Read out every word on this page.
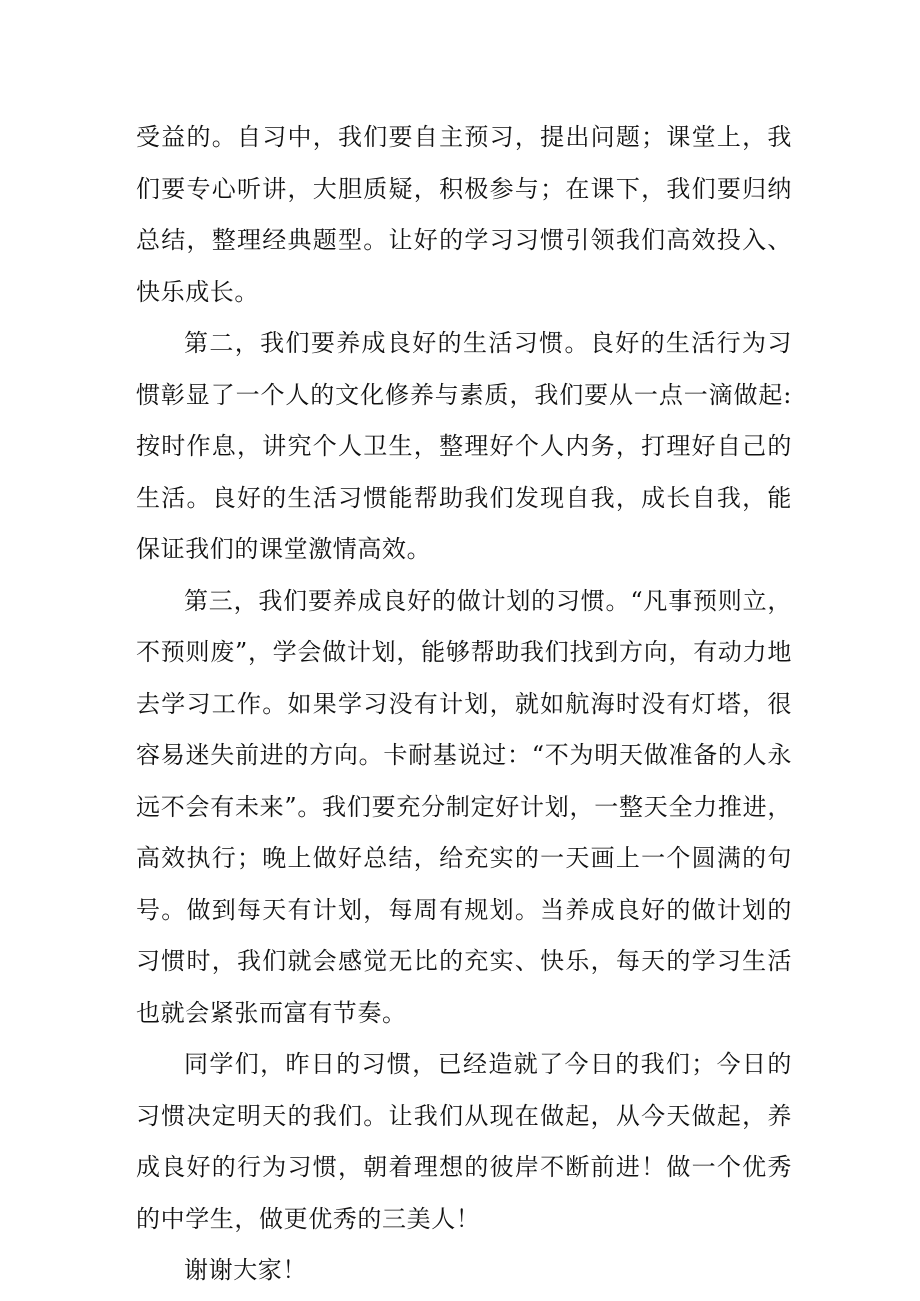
受益的。自习中，我们要自主预习，提出问题；课堂上，我们要专心听讲，大胆质疑，积极参与；在课下，我们要归纳总结，整理经典题型。让好的学习习惯引领我们高效投入、快乐成长。

第二，我们要养成良好的生活习惯。良好的生活行为习惯彰显了一个人的文化修养与素质，我们要从一点一滴做起:按时作息，讲究个人卫生，整理好个人内务，打理好自己的生活。良好的生活习惯能帮助我们发现自我，成长自我，能保证我们的课堂激情高效。

第三，我们要养成良好的做计划的习惯。“凡事预则立，不预则废”，学会做计划，能够帮助我们找到方向，有动力地去学习工作。如果学习没有计划，就如航海时没有灯塔，很容易迷失前进的方向。卡耐基说过：“不为明天做准备的人永远不会有未来”。我们要充分制定好计划，一整天全力推进，高效执行；晚上做好总结，给充实的一天画上一个圆满的句号。做到每天有计划，每周有规划。当养成良好的做计划的习惯时，我们就会感觉无比的充实、快乐，每天的学习生活也就会紧张而富有节奏。

同学们，昨日的习惯，已经造就了今日的我们；今日的习惯决定明天的我们。让我们从现在做起，从今天做起，养成良好的行为习惯，朝着理想的彼岸不断前进！做一个优秀的中学生，做更优秀的三美人！

谢谢大家！
